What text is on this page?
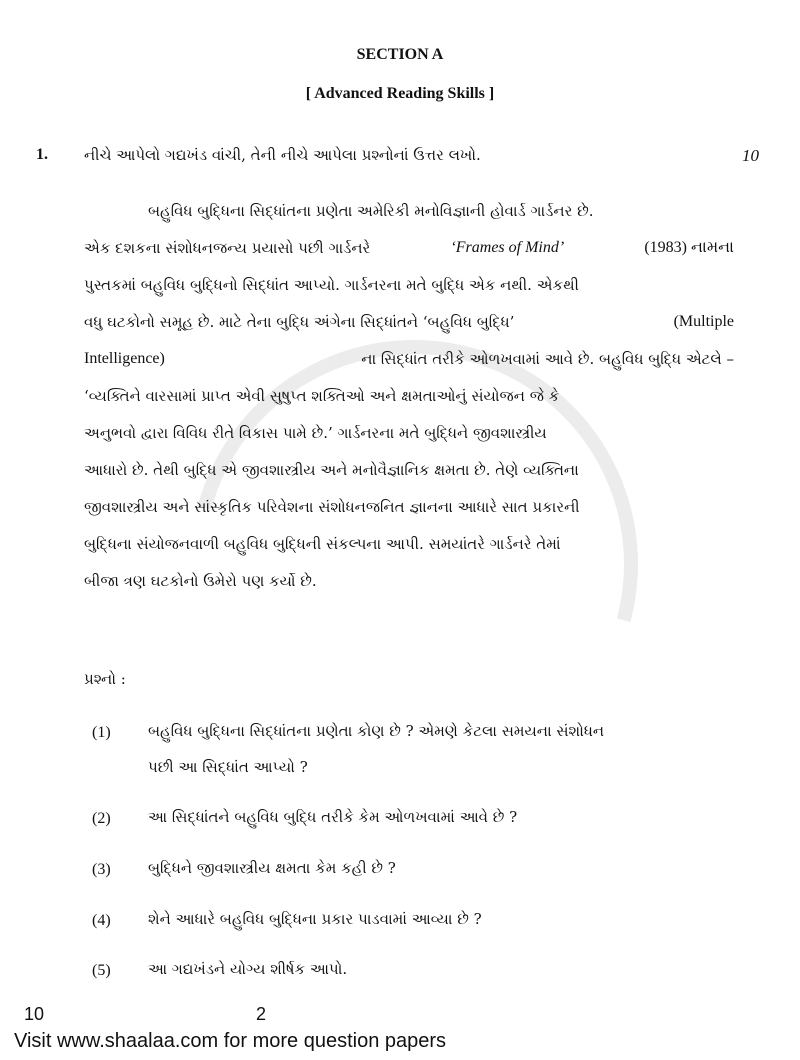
SECTION A
[ Advanced Reading Skills ]
1. નીચે આપેલો ગદ્યખંડ વાંચી, તેની નીચે આપેલા પ્રશ્નોનાં ઉત્તર લખો.	10
બહુવિધ બુદ્ધિના સિદ્ધાંતના પ્રણેતા અમેરિકી મનોવિજ્ઞાની હોવાર્ડ ગાર્ડનર છે.
એક દશકના સંશોધનજન્ય પ્રયાસો પછી ગાર્ડનરે	‘Frames of Mind’	(1983) નામના
પુસ્તકમાં બહુવિધ બુદ્ધિનો સિદ્ધાંત આપ્યો. ગાર્ડનરના મતે બુદ્ધિ એક નથી. એકથી
વધુ ઘટકોનો સમૂહ છે. માટે તેના બુદ્ધિ અંગેના સિદ્ધાંતને ‘બહુવિધ બુદ્ધિ’	(Multiple
Intelligence)	ના સિદ્ધાંત તરીકે ઓળખવામાં આવે છે. બહુવિધ બુદ્ધિ એટલે –
‘વ્યક્તિને વારસામાં પ્રાપ્ત એવી સુષુપ્ત શક્તિઓ અને ક્ષમતાઓનું સંયોજન જે કે
અનુભવો દ્વારા વિવિધ રીતે વિકાસ પામે છે.’ ગાર્ડનરના મતે બુદ્ધિને જીવશાસ્ત્રીય
આધારો છે. તેથી બુદ્ધિ એ જીવશાસ્ત્રીય અને મનોવૈજ્ઞાનિક ક્ષમતા છે. તેણે વ્યક્તિના
જીવશાસ્ત્રીય અને સાંસ્કૃતિક પરિવેશના સંશોધનજનિત જ્ઞાનના આધારે સાત પ્રકારની
બુદ્ધિના સંયોજનવાળી બહુવિધ બુદ્ધિની સંકલ્પના આપી. સમયાંતરે ગાર્ડનરે તેમાં
બીજા ત્રણ ઘટકોનો ઉમેરો પણ કર્યો છે.
પ્રશ્નો :
(1) બહુવિધ બુદ્ધિના સિદ્ધાંતના પ્રણેતા કોણ છે ? એમણે કેટલા સમયના સંશોધન
પછી આ સિદ્ધાંત આપ્યો ?
(2) આ સિદ્ધાંતને બહુવિધ બુદ્ધિ તરીકે કેમ ઓળખવામાં આવે છે ?
(3) બુદ્ધિને જીવશાસ્ત્રીય ક્ષમતા કેમ કહી છે ?
(4) શેને આધારે બહુવિધ બુદ્ધિના પ્રકાર પાડવામાં આવ્યા છે ?
(5) આ ગદ્યખંડને યોગ્ય શીર્ષક આપો.
10	2
Visit www.shaalaa.com for more question papers
